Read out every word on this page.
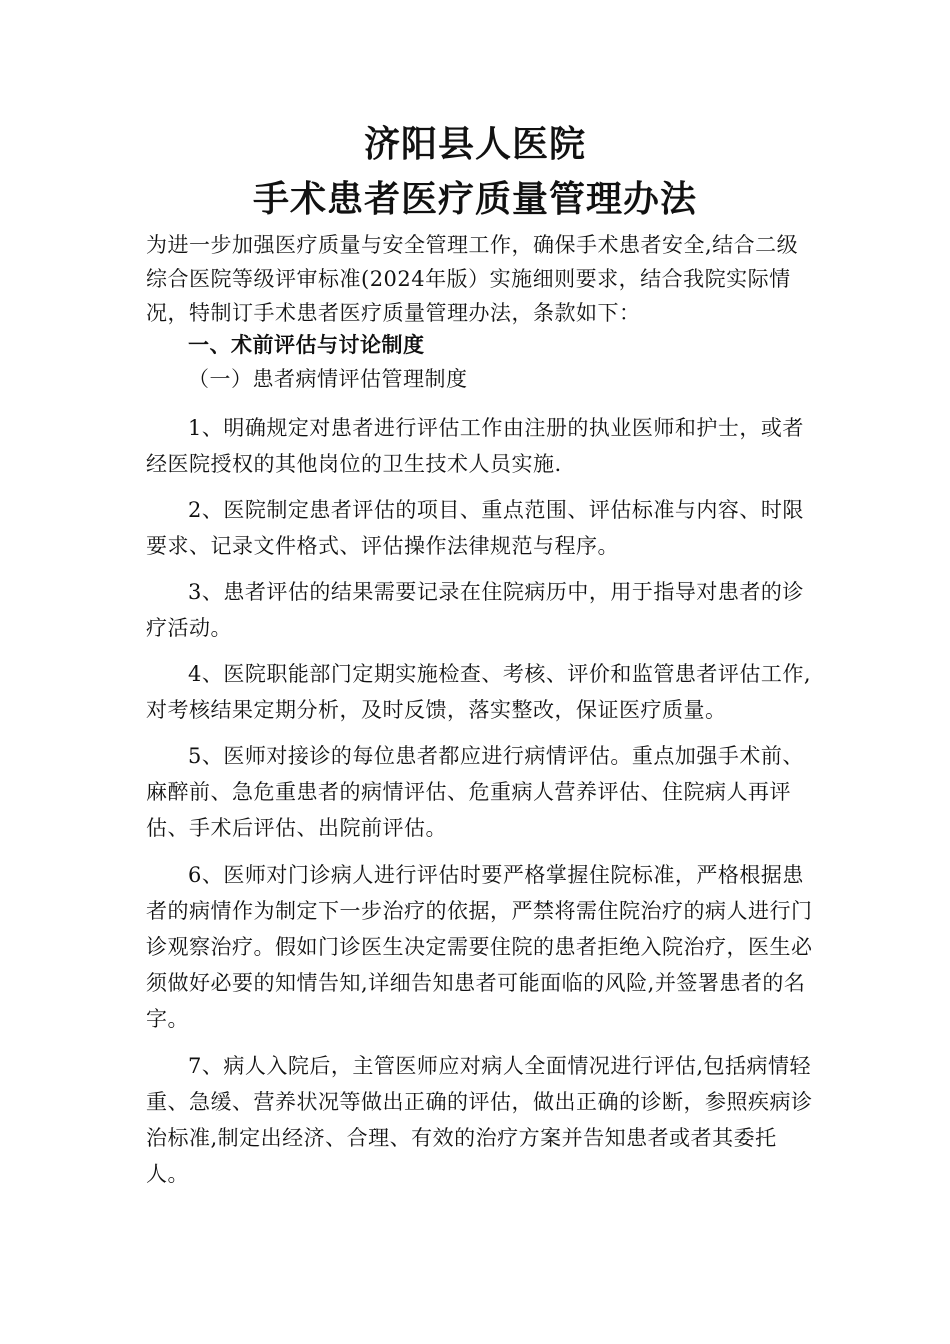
济阳县人医院
手术患者医疗质量管理办法

为进一步加强医疗质量与安全管理工作，确保手术患者安全,结合二级综合医院等级评审标准(2024年版）实施细则要求，结合我院实际情况，特制订手术患者医疗质量管理办法，条款如下：

一、术前评估与讨论制度
（一）患者病情评估管理制度

1、明确规定对患者进行评估工作由注册的执业医师和护士，或者经医院授权的其他岗位的卫生技术人员实施.

2、医院制定患者评估的项目、重点范围、评估标准与内容、时限要求、记录文件格式、评估操作法律规范与程序。

3、患者评估的结果需要记录在住院病历中，用于指导对患者的诊疗活动。

4、医院职能部门定期实施检查、考核、评价和监管患者评估工作,对考核结果定期分析，及时反馈，落实整改，保证医疗质量。

5、医师对接诊的每位患者都应进行病情评估。重点加强手术前、麻醉前、急危重患者的病情评估、危重病人营养评估、住院病人再评估、手术后评估、出院前评估。

6、医师对门诊病人进行评估时要严格掌握住院标准，严格根据患者的病情作为制定下一步治疗的依据，严禁将需住院治疗的病人进行门诊观察治疗。假如门诊医生决定需要住院的患者拒绝入院治疗，医生必须做好必要的知情告知,详细告知患者可能面临的风险,并签署患者的名字。

7、病人入院后，主管医师应对病人全面情况进行评估,包括病情轻重、急缓、营养状况等做出正确的评估，做出正确的诊断，参照疾病诊治标准,制定出经济、合理、有效的治疗方案并告知患者或者其委托人。
